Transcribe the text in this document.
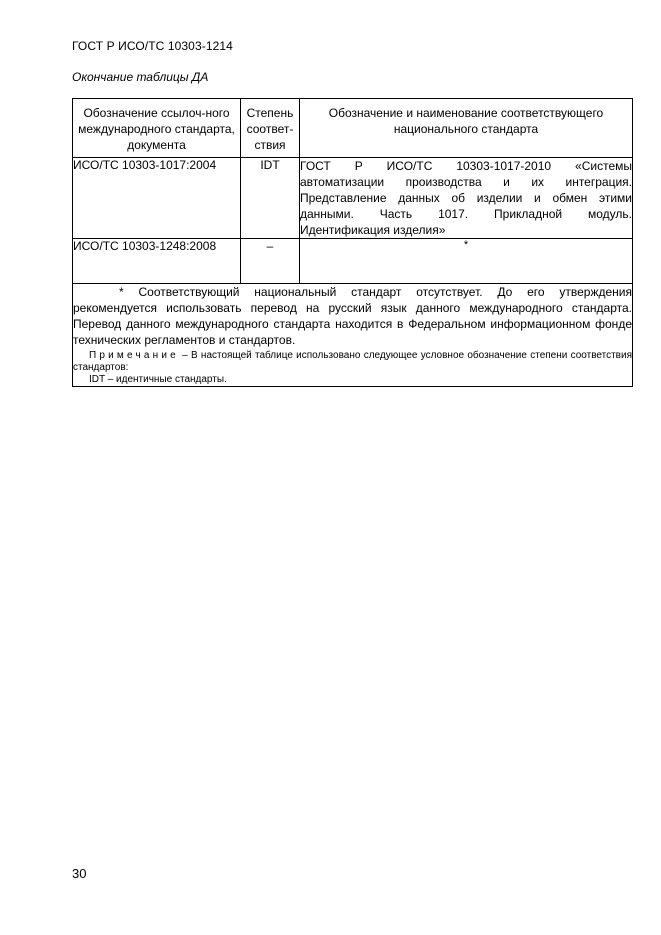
ГОСТ Р ИСО/ТС 10303-1214
Окончание таблицы ДА
Обозначение ссылоч-ного международного стандарта, документа	Степень соответ-ствия	Обозначение и наименование соответствующего национального стандарта
ИСО/ТС 10303-1017:2004	IDT	ГОСТ Р ИСО/ТС 10303-1017-2010 «Системы автоматизации производства и их интеграция. Представление данных об изделии и обмен этими данными. Часть 1017. Прикладной модуль. Идентификация изделия»
ИСО/ТС 10303-1248:2008	–	*

* Соответствующий национальный стандарт отсутствует. До его утверждения рекомендуется использовать перевод на русский язык данного международного стандарта. Перевод данного международного стандарта находится в Федеральном информационном фонде технических регламентов и стандартов.

Примечание – В настоящей таблице использовано следующее условное обозначение степени соответствия стандартов:

IDT – идентичные стандарты.		

30
